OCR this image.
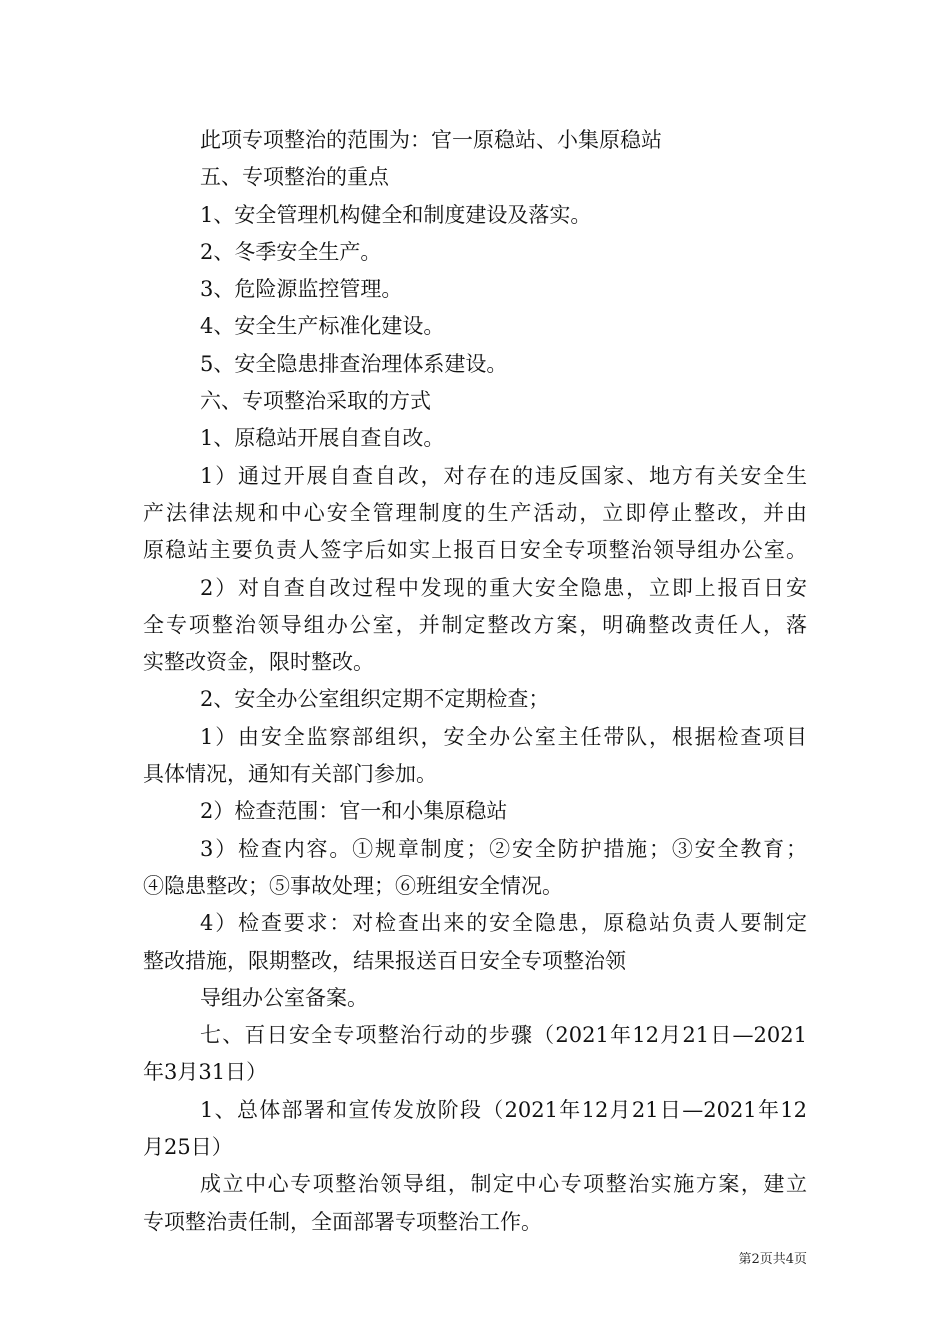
此项专项整治的范围为：官一原稳站、小集原稳站

五、专项整治的重点

1、安全管理机构健全和制度建设及落实。

2、冬季安全生产。

3、危险源监控管理。

4、安全生产标准化建设。

5、安全隐患排查治理体系建设。

六、专项整治采取的方式

1、原稳站开展自查自改。

1）通过开展自查自改，对存在的违反国家、地方有关安全生

产法律法规和中心安全管理制度的生产活动，立即停止整改，并由

原稳站主要负责人签字后如实上报百日安全专项整治领导组办公室。

2）对自查自改过程中发现的重大安全隐患，立即上报百日安

全专项整治领导组办公室，并制定整改方案，明确整改责任人，落

实整改资金，限时整改。

2、安全办公室组织定期不定期检查；

1）由安全监察部组织，安全办公室主任带队，根据检查项目

具体情况，通知有关部门参加。

2）检查范围：官一和小集原稳站

3）检查内容。①规章制度；②安全防护措施；③安全教育；

④隐患整改；⑤事故处理；⑥班组安全情况。

4）检查要求：对检查出来的安全隐患，原稳站负责人要制定

整改措施，限期整改，结果报送百日安全专项整治领

导组办公室备案。

七、百日安全专项整治行动的步骤（2021年12月21日—2021

年3月31日）

1、总体部署和宣传发放阶段（2021年12月21日—2021年12

月25日）

成立中心专项整治领导组，制定中心专项整治实施方案，建立

专项整治责任制，全面部署专项整治工作。

第2页共4页
